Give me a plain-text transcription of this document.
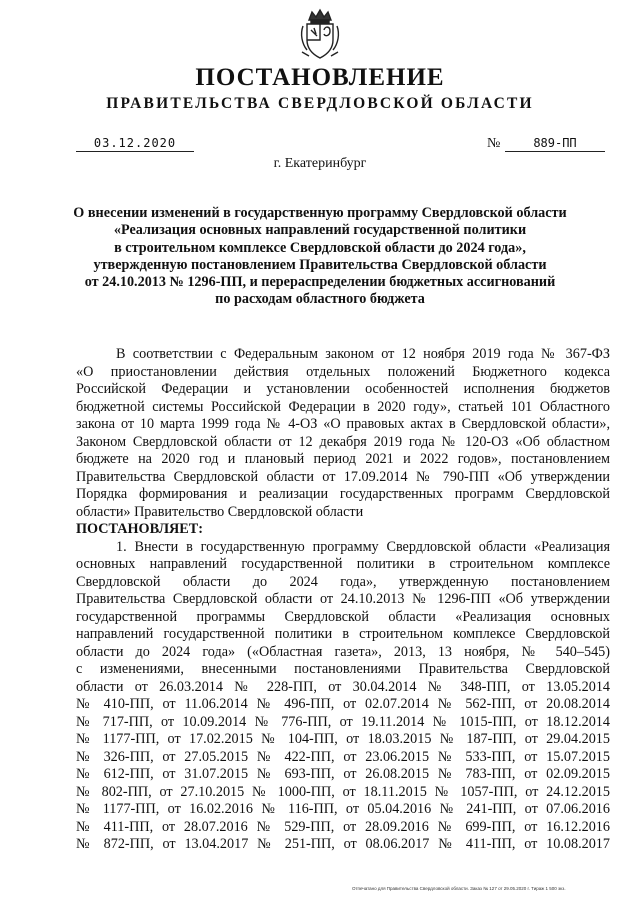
ПОСТАНОВЛЕНИЕ
ПРАВИТЕЛЬСТВА СВЕРДЛОВСКОЙ ОБЛАСТИ
03.12.2020	№	889-ПП
г. Екатеринбург
О внесении изменений в государственную программу Свердловской области
«Реализация основных направлений государственной политики
в строительном комплексе Свердловской области до 2024 года»,
утвержденную постановлением Правительства Свердловской области
от 24.10.2013 № 1296-ПП, и перераспределении бюджетных ассигнований
по расходам областного бюджета
В соответствии с Федеральным законом от 12 ноября 2019 года № 367-ФЗ
«О приостановлении действия отдельных положений Бюджетного кодекса
Российской Федерации и установлении особенностей исполнения бюджетов
бюджетной системы Российской Федерации в 2020 году», статьей 101 Областного
закона от 10 марта 1999 года № 4-ОЗ «О правовых актах в Свердловской области»,
Законом Свердловской области от 12 декабря 2019 года № 120-ОЗ «Об областном
бюджете на 2020 год и плановый период 2021 и 2022 годов», постановлением
Правительства Свердловской области от 17.09.2014 № 790-ПП «Об утверждении
Порядка формирования и реализации государственных программ Свердловской
области» Правительство Свердловской области
ПОСТАНОВЛЯЕТ:
1. Внести в государственную программу Свердловской области «Реализация
основных направлений государственной политики в строительном комплексе
Свердловской области до 2024 года», утвержденную постановлением
Правительства Свердловской области от 24.10.2013 № 1296-ПП «Об утверждении
государственной программы Свердловской области «Реализация основных
направлений государственной политики в строительном комплексе Свердловской
области до 2024 года» («Областная газета», 2013, 13 ноября, № 540–545)
с изменениями, внесенными постановлениями Правительства Свердловской
области от 26.03.2014 № 228-ПП, от 30.04.2014 № 348-ПП, от 13.05.2014
№ 410-ПП, от 11.06.2014 № 496-ПП, от 02.07.2014 № 562-ПП, от 20.08.2014
№ 717-ПП, от 10.09.2014 № 776-ПП, от 19.11.2014 № 1015-ПП, от 18.12.2014
№ 1177-ПП, от 17.02.2015 № 104-ПП, от 18.03.2015 № 187-ПП, от 29.04.2015
№ 326-ПП, от 27.05.2015 № 422-ПП, от 23.06.2015 № 533-ПП, от 15.07.2015
№ 612-ПП, от 31.07.2015 № 693-ПП, от 26.08.2015 № 783-ПП, от 02.09.2015
№ 802-ПП, от 27.10.2015 № 1000-ПП, от 18.11.2015 № 1057-ПП, от 24.12.2015
№ 1177-ПП, от 16.02.2016 № 116-ПП, от 05.04.2016 № 241-ПП, от 07.06.2016
№ 411-ПП, от 28.07.2016 № 529-ПП, от 28.09.2016 № 699-ПП, от 16.12.2016
№ 872-ПП, от 13.04.2017 № 251-ПП, от 08.06.2017 № 411-ПП, от 10.08.2017
Отпечатано для Правительства Свердловской области. Заказ № 127 от 29.05.2020 г. Тираж 1 500 экз.
